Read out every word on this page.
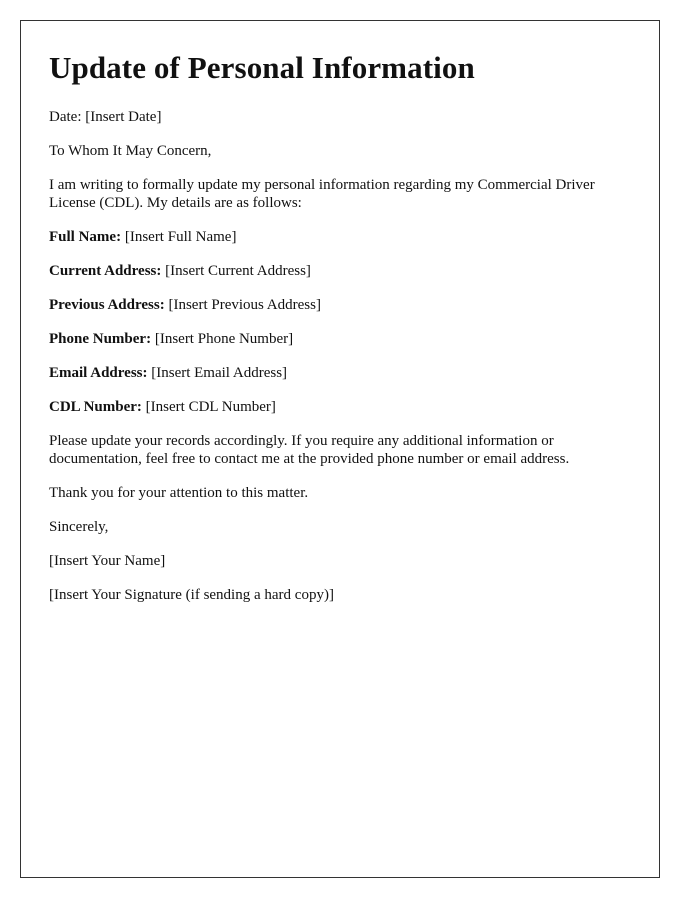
Update of Personal Information

Date: [Insert Date]

To Whom It May Concern,

I am writing to formally update my personal information regarding my Commercial Driver License (CDL). My details are as follows:

Full Name: [Insert Full Name]

Current Address: [Insert Current Address]

Previous Address: [Insert Previous Address]

Phone Number: [Insert Phone Number]

Email Address: [Insert Email Address]

CDL Number: [Insert CDL Number]

Please update your records accordingly. If you require any additional information or documentation, feel free to contact me at the provided phone number or email address.

Thank you for your attention to this matter.

Sincerely,

[Insert Your Name]

[Insert Your Signature (if sending a hard copy)]
